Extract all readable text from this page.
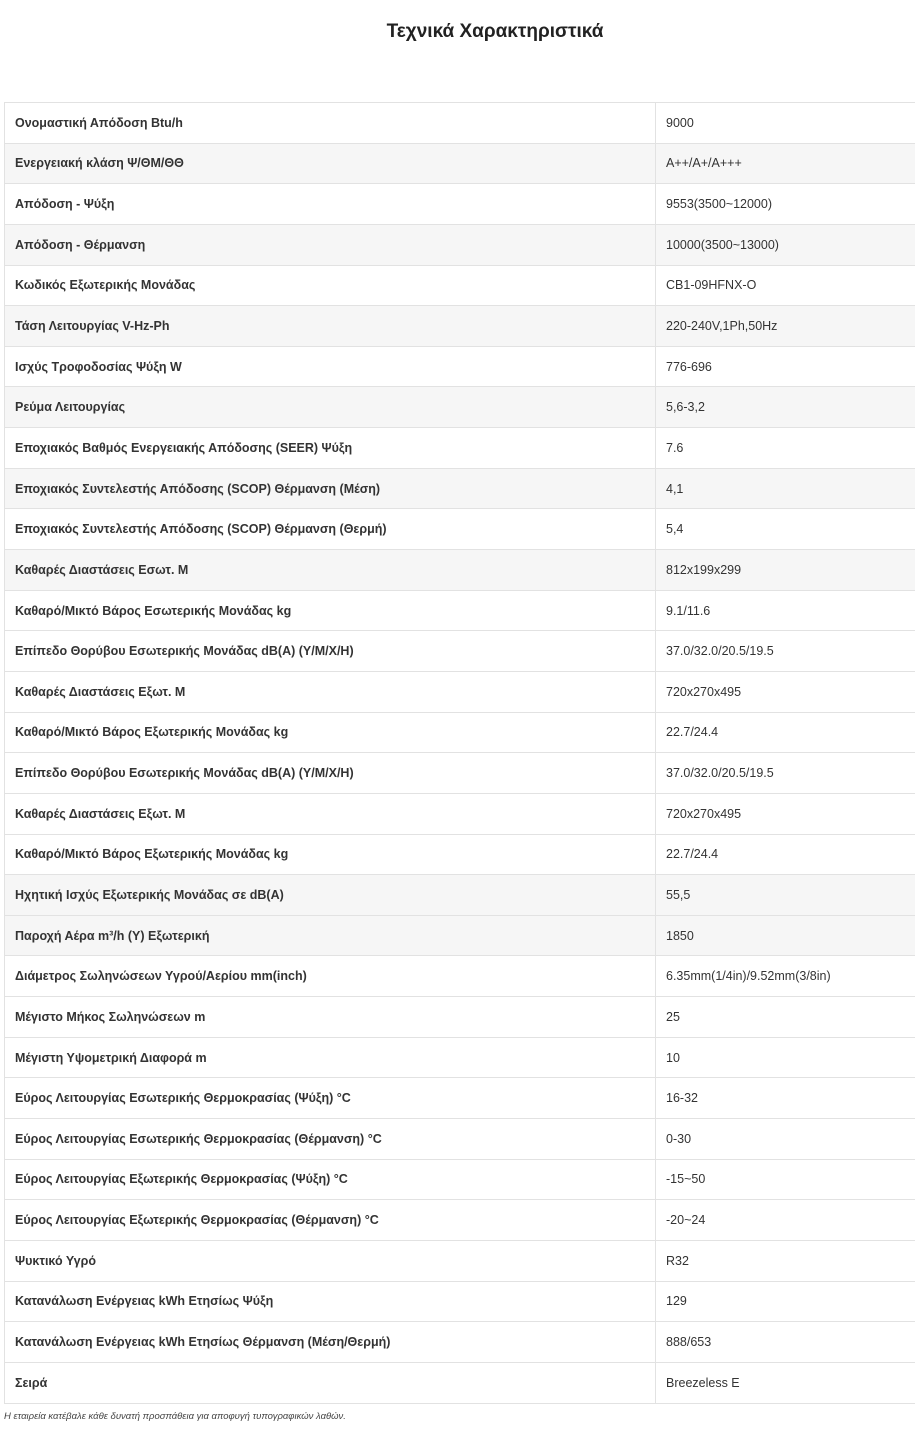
Τεχνικά Χαρακτηριστικά
Ονομαστική Απόδοση Btu/h	9000
Ενεργειακή κλάση Ψ/ΘΜ/ΘΘ	A++/A+/A+++
Απόδοση - Ψύξη	9553(3500~12000)
Απόδοση - Θέρμανση	10000(3500~13000)
Κωδικός Εξωτερικής Μονάδας	CB1-09HFNX-O
Τάση Λειτουργίας V-Hz-Ph	220-240V,1Ph,50Hz
Ισχύς Τροφοδοσίας Ψύξη W	776-696
Ρεύμα Λειτουργίας	5,6-3,2
Εποχιακός Βαθμός Ενεργειακής Απόδοσης (SEER) Ψύξη	7.6
Εποχιακός Συντελεστής Απόδοσης (SCOP) Θέρμανση (Μέση)	4,1
Εποχιακός Συντελεστής Απόδοσης (SCOP) Θέρμανση (Θερμή)	5,4
Καθαρές Διαστάσεις Εσωτ. Μ	812x199x299
Καθαρό/Μικτό Βάρος Εσωτερικής Μονάδας kg	9.1/11.6
Επίπεδο Θορύβου Εσωτερικής Μονάδας dB(A) (Υ/Μ/Χ/Η)	37.0/32.0/20.5/19.5
Καθαρές Διαστάσεις Εξωτ. Μ	720x270x495
Καθαρό/Μικτό Βάρος Εξωτερικής Μονάδας kg	22.7/24.4
Επίπεδο Θορύβου Εσωτερικής Μονάδας dB(A) (Υ/Μ/Χ/Η)	37.0/32.0/20.5/19.5
Καθαρές Διαστάσεις Εξωτ. Μ	720x270x495
Καθαρό/Μικτό Βάρος Εξωτερικής Μονάδας kg	22.7/24.4
Ηχητική Ισχύς Εξωτερικής Μονάδας σε dB(A)	55,5
Παροχή Αέρα m³/h (Y) Εξωτερική	1850
Διάμετρος Σωληνώσεων Υγρού/Αερίου mm(inch)	6.35mm(1/4in)/9.52mm(3/8in)
Μέγιστο Μήκος Σωληνώσεων m	25
Μέγιστη Υψομετρική Διαφορά m	10
Εύρος Λειτουργίας Εσωτερικής Θερμοκρασίας (Ψύξη) °C	16-32
Εύρος Λειτουργίας Εσωτερικής Θερμοκρασίας (Θέρμανση) °C	0-30
Εύρος Λειτουργίας Εξωτερικής Θερμοκρασίας (Ψύξη) °C	-15~50
Εύρος Λειτουργίας Εξωτερικής Θερμοκρασίας (Θέρμανση) °C	-20~24
Ψυκτικό Υγρό	R32
Κατανάλωση Ενέργειας kWh Ετησίως Ψύξη	129
Κατανάλωση Ενέργειας kWh Ετησίως Θέρμανση (Μέση/Θερμή)	888/653
Σειρά	Breezeless E

Η εταιρεία κατέβαλε κάθε δυνατή προσπάθεια για αποφυγή τυπογραφικών λαθών.
